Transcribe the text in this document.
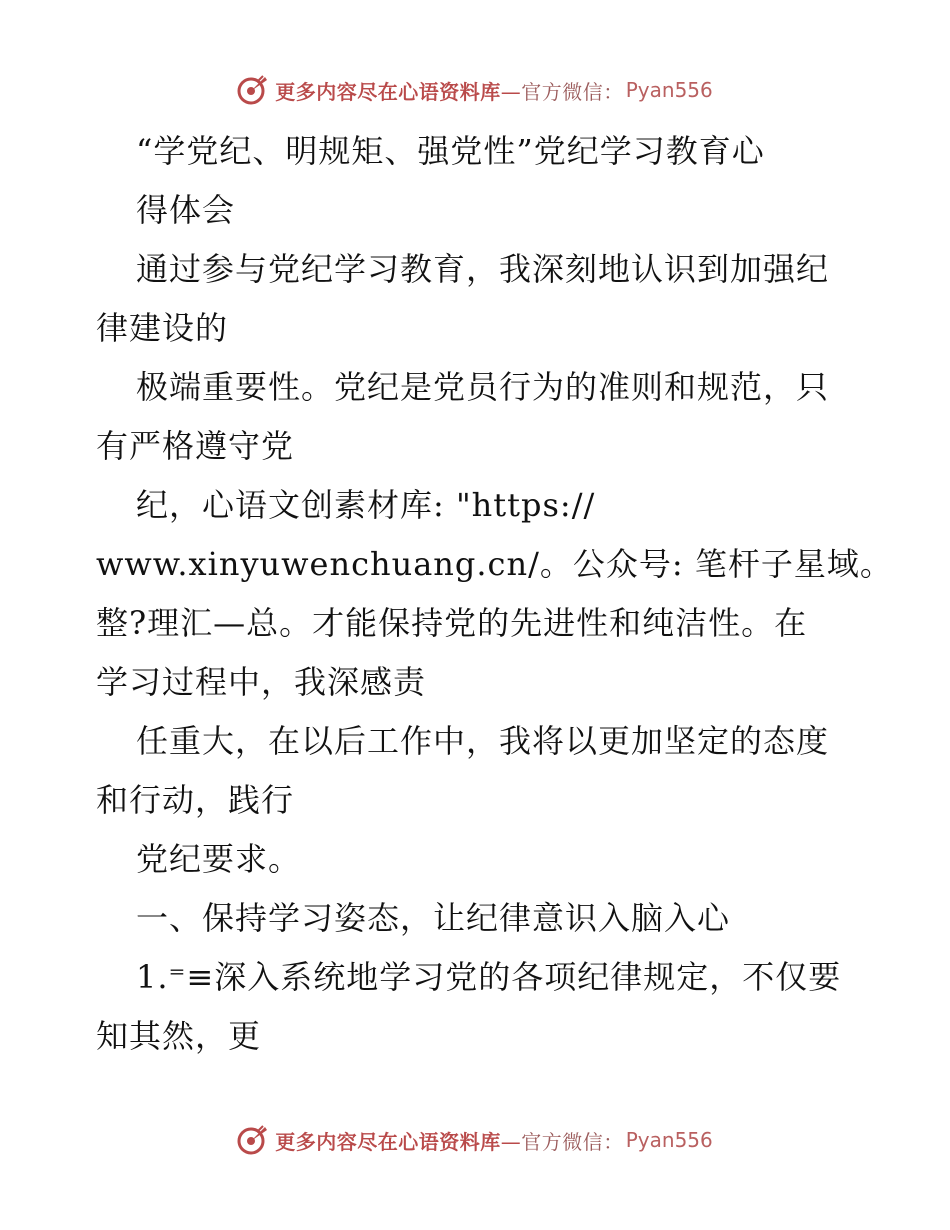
更多内容尽在心语资料库—官方微信： Pyan556
“学党纪、明规矩、强党性”党纪学习教育心
得体会
通过参与党纪学习教育，我深刻地认识到加强纪
律建设的
极端重要性。党纪是党员行为的准则和规范，只
有严格遵守党
纪，心语文创素材库: "https://
www.xinyuwenchuang.cn/。公众号: 笔杆子星域。
整?理汇—总。才能保持党的先进性和纯洁性。在
学习过程中，我深感责
任重大，在以后工作中，我将以更加坚定的态度
和行动，践行
党纪要求。
一、保持学习姿态，让纪律意识入脑入心
1.⁼≡深入系统地学习党的各项纪律规定，不仅要
知其然，更
更多内容尽在心语资料库—官方微信： Pyan556
